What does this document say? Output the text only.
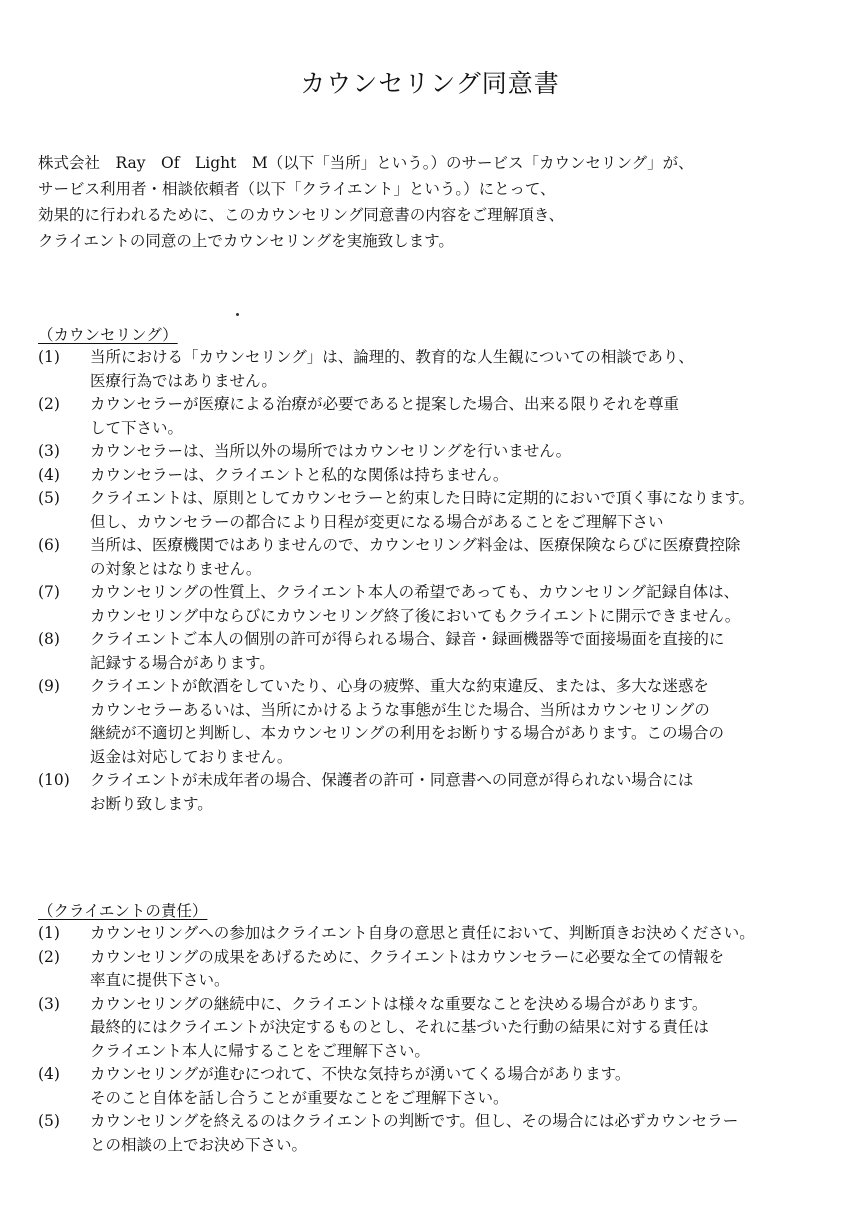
カウンセリング同意書
株式会社　Ray　Of　Light　M（以下「当所」という。）のサービス「カウンセリング」が、
サービス利用者・相談依頼者（以下「クライエント」という。）にとって、
効果的に行われるために、このカウンセリング同意書の内容をご理解頂き、
クライエントの同意の上でカウンセリングを実施致します。
（カウンセリング）
(1)	当所における「カウンセリング」は、論理的、教育的な人生観についての相談であり、
医療行為ではありません。
(2)	カウンセラーが医療による治療が必要であると提案した場合、出来る限りそれを尊重
して下さい。
(3)	カウンセラーは、当所以外の場所ではカウンセリングを行いません。
(4)	カウンセラーは、クライエントと私的な関係は持ちません。
(5)	クライエントは、原則としてカウンセラーと約束した日時に定期的においで頂く事になります。
但し、カウンセラーの都合により日程が変更になる場合があることをご理解下さい
(6)	当所は、医療機関ではありませんので、カウンセリング料金は、医療保険ならびに医療費控除
の対象とはなりません。
(7)	カウンセリングの性質上、クライエント本人の希望であっても、カウンセリング記録自体は、
カウンセリング中ならびにカウンセリング終了後においてもクライエントに開示できません。
(8)	クライエントご本人の個別の許可が得られる場合、録音・録画機器等で面接場面を直接的に
記録する場合があります。
(9)	クライエントが飲酒をしていたり、心身の疲弊、重大な約束違反、または、多大な迷惑を
カウンセラーあるいは、当所にかけるような事態が生じた場合、当所はカウンセリングの
継続が不適切と判断し、本カウンセリングの利用をお断りする場合があります。この場合の
返金は対応しておりません。
(10)	クライエントが未成年者の場合、保護者の許可・同意書への同意が得られない場合には
お断り致します。
（クライエントの責任）
(1)	カウンセリングへの参加はクライエント自身の意思と責任において、判断頂きお決めください。
(2)	カウンセリングの成果をあげるために、クライエントはカウンセラーに必要な全ての情報を
率直に提供下さい。
(3)	カウンセリングの継続中に、クライエントは様々な重要なことを決める場合があります。
最終的にはクライエントが決定するものとし、それに基づいた行動の結果に対する責任は
クライエント本人に帰することをご理解下さい。
(4)	カウンセリングが進むにつれて、不快な気持ちが湧いてくる場合があります。
そのこと自体を話し合うことが重要なことをご理解下さい。
(5)	カウンセリングを終えるのはクライエントの判断です。但し、その場合には必ずカウンセラー
との相談の上でお決め下さい。
